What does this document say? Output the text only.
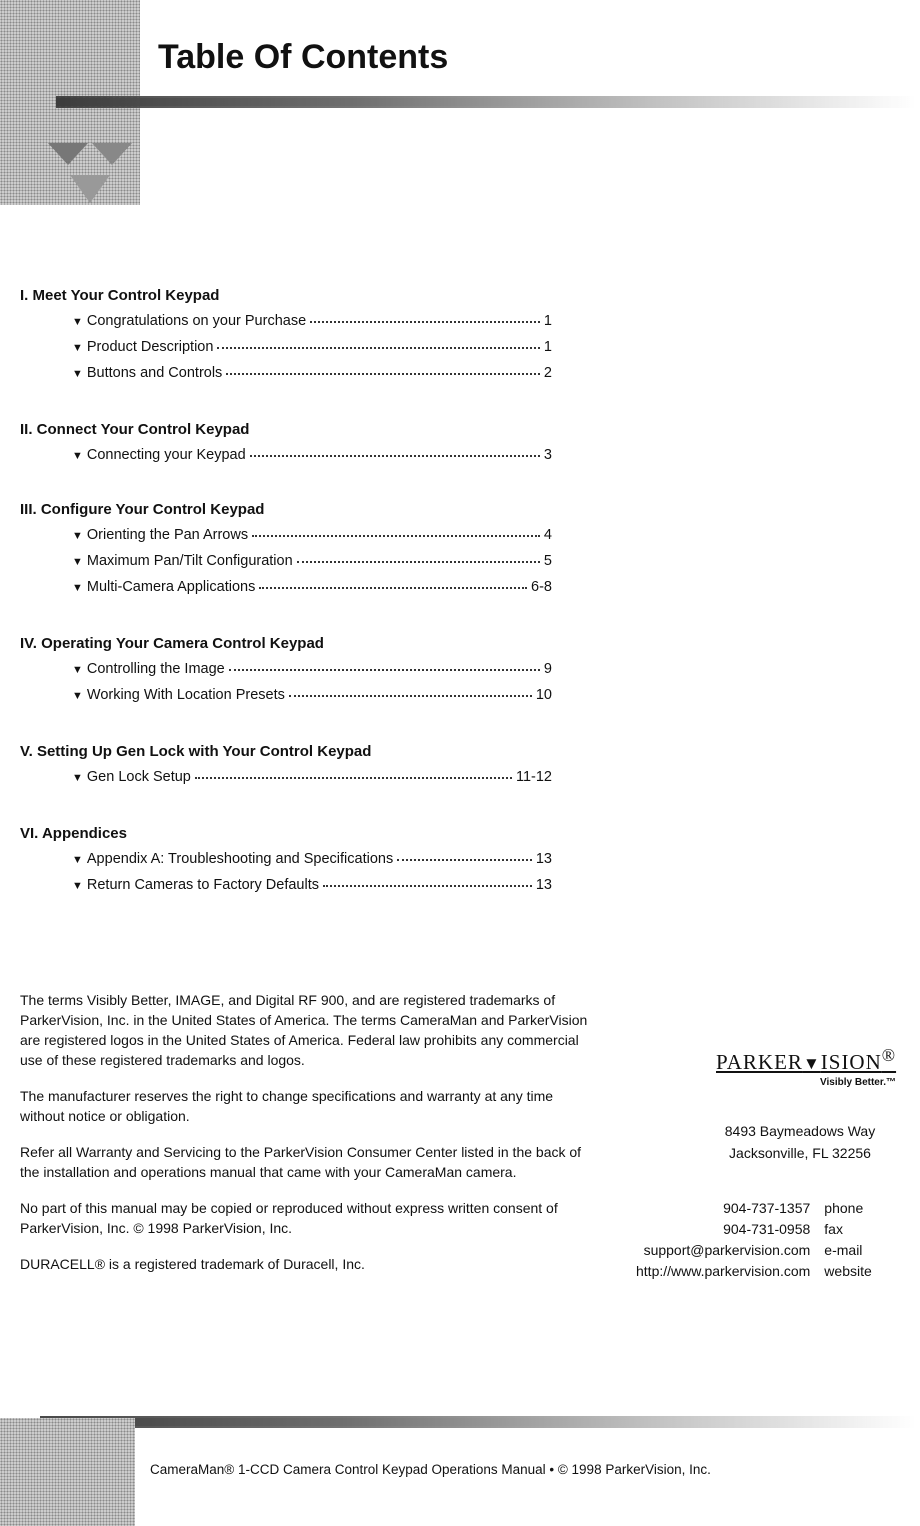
Table Of Contents
I. Meet Your Control Keypad
▼ Congratulations on your Purchase	1
▼ Product Description	1
▼ Buttons and Controls	2
II. Connect Your Control Keypad
▼ Connecting your Keypad	3
III. Configure Your Control Keypad
▼ Orienting the Pan Arrows	4
▼ Maximum Pan/Tilt Configuration	5
▼ Multi-Camera Applications	6-8
IV. Operating Your Camera Control Keypad
▼ Controlling the Image	9
▼ Working With Location Presets	10
V. Setting Up Gen Lock with Your Control Keypad
▼ Gen Lock Setup	11-12
VI. Appendices
▼ Appendix A: Troubleshooting and Specifications	13
▼ Return Cameras to Factory Defaults	13

The terms Visibly Better, IMAGE, and Digital RF 900, and are registered trademarks of ParkerVision, Inc. in the United States of America. The terms CameraMan and ParkerVision are registered logos in the United States of America. Federal law prohibits any commercial use of these registered trademarks and logos.

The manufacturer reserves the right to change specifications and warranty at any time without notice or obligation.

Refer all Warranty and Servicing to the ParkerVision Consumer Center listed in the back of the installation and operations manual that came with your CameraMan camera.

No part of this manual may be copied or reproduced without express written consent of ParkerVision, Inc. © 1998 ParkerVision, Inc.

DURACELL® is a registered trademark of Duracell, Inc.

PARKER▼ISION®
Visibly Better.™
8493 Baymeadows Way
Jacksonville, FL 32256
904-737-1357	phone
904-731-0958	fax
support@parkervision.com	e-mail
http://www.parkervision.com	website
CameraMan® 1-CCD Camera Control Keypad Operations Manual • © 1998 ParkerVision, Inc.
